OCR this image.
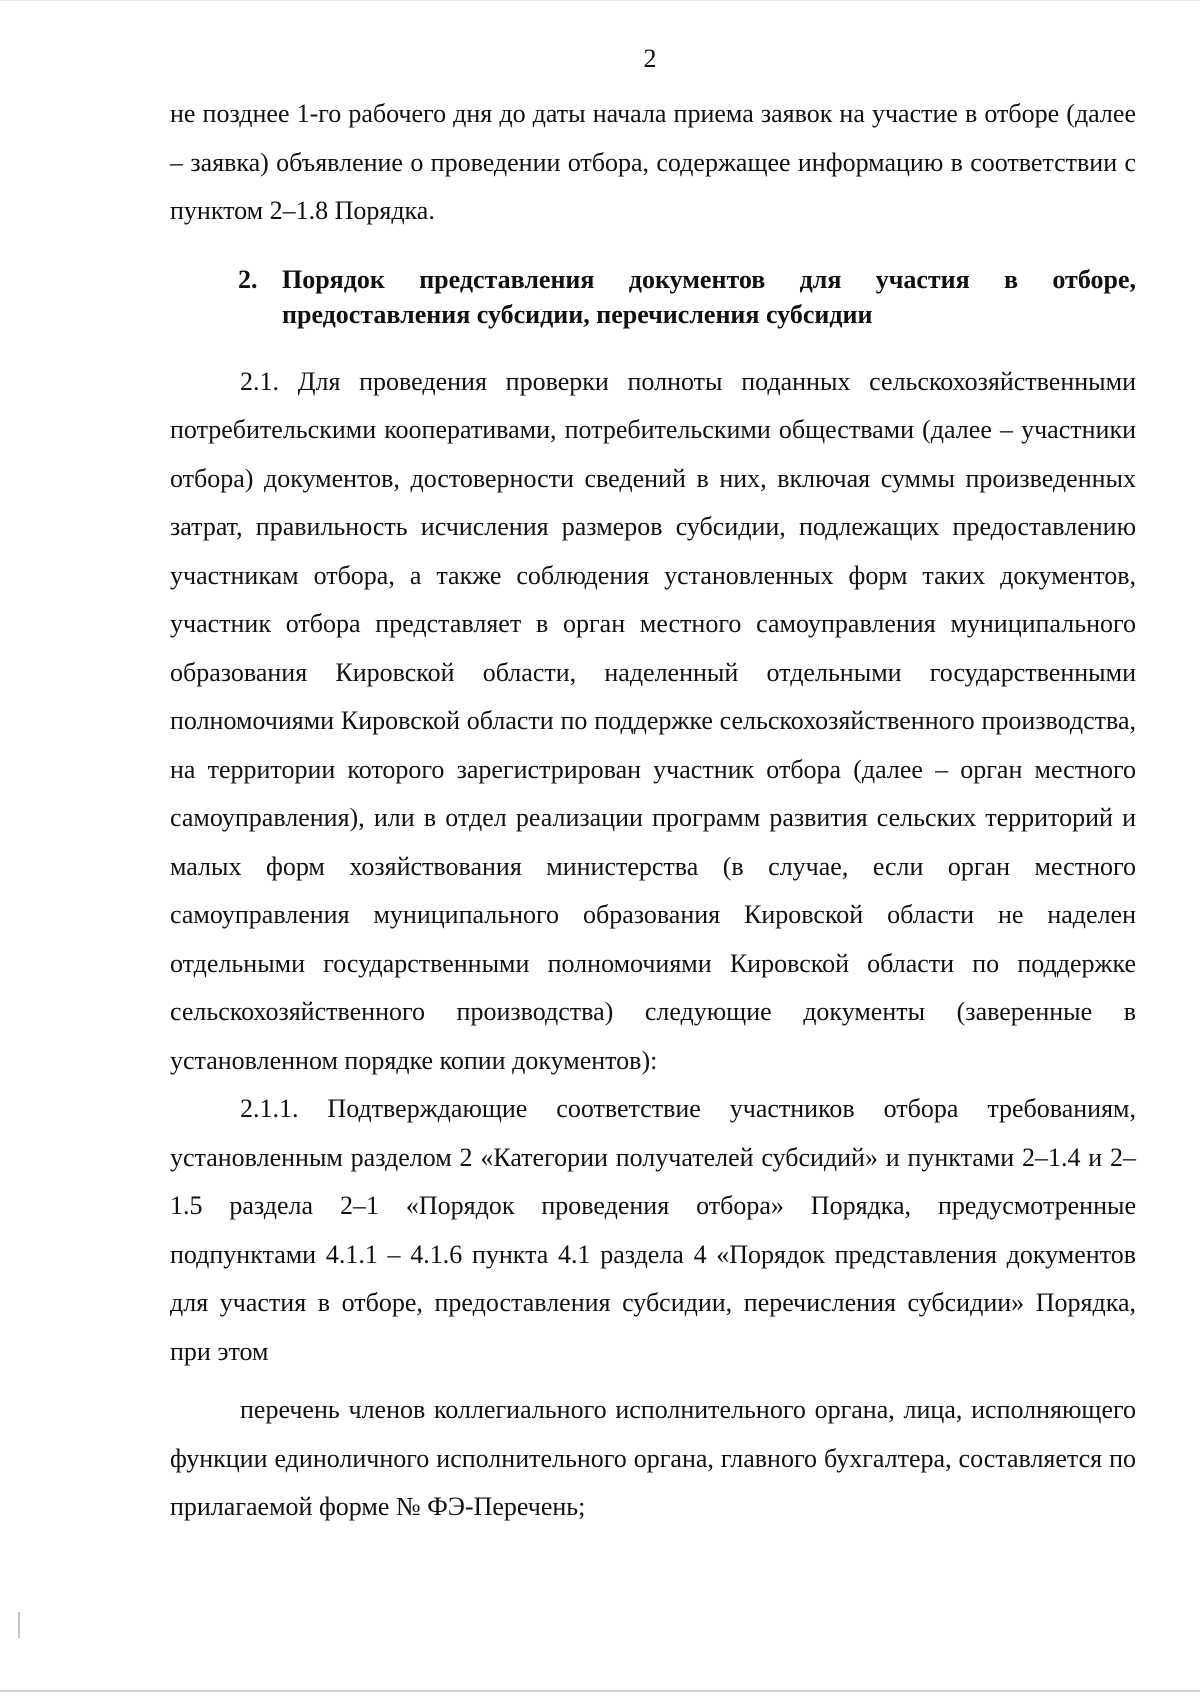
2

не позднее 1-го рабочего дня до даты начала приема заявок на участие в отборе (далее – заявка) объявление о проведении отбора, содержащее информацию в соответствии с пунктом 2–1.8 Порядка.

2. Порядок представления документов для участия в отборе, предоставления субсидии, перечисления субсидии

2.1. Для проведения проверки полноты поданных сельскохозяйственными потребительскими кооперативами, потребительскими обществами (далее – участники отбора) документов, достоверности сведений в них, включая суммы произведенных затрат, правильность исчисления размеров субсидии, подлежащих предоставлению участникам отбора, а также соблюдения установленных форм таких документов, участник отбора представляет в орган местного самоуправления муниципального образования Кировской области, наделенный отдельными государственными полномочиями Кировской области по поддержке сельскохозяйственного производства, на территории которого зарегистрирован участник отбора (далее – орган местного самоуправления), или в отдел реализации программ развития сельских территорий и малых форм хозяйствования министерства (в случае, если орган местного самоуправления муниципального образования Кировской области не наделен отдельными государственными полномочиями Кировской области по поддержке сельскохозяйственного производства) следующие документы (заверенные в установленном порядке копии документов):

2.1.1. Подтверждающие соответствие участников отбора требованиям, установленным разделом 2 «Категории получателей субсидий» и пунктами 2–1.4 и 2–1.5 раздела 2–1 «Порядок проведения отбора» Порядка, предусмотренные подпунктами 4.1.1 – 4.1.6 пункта 4.1 раздела 4 «Порядок представления документов для участия в отборе, предоставления субсидии, перечисления субсидии» Порядка, при этом

перечень членов коллегиального исполнительного органа, лица, исполняющего функции единоличного исполнительного органа, главного бухгалтера, составляется по прилагаемой форме № ФЭ-Перечень;
